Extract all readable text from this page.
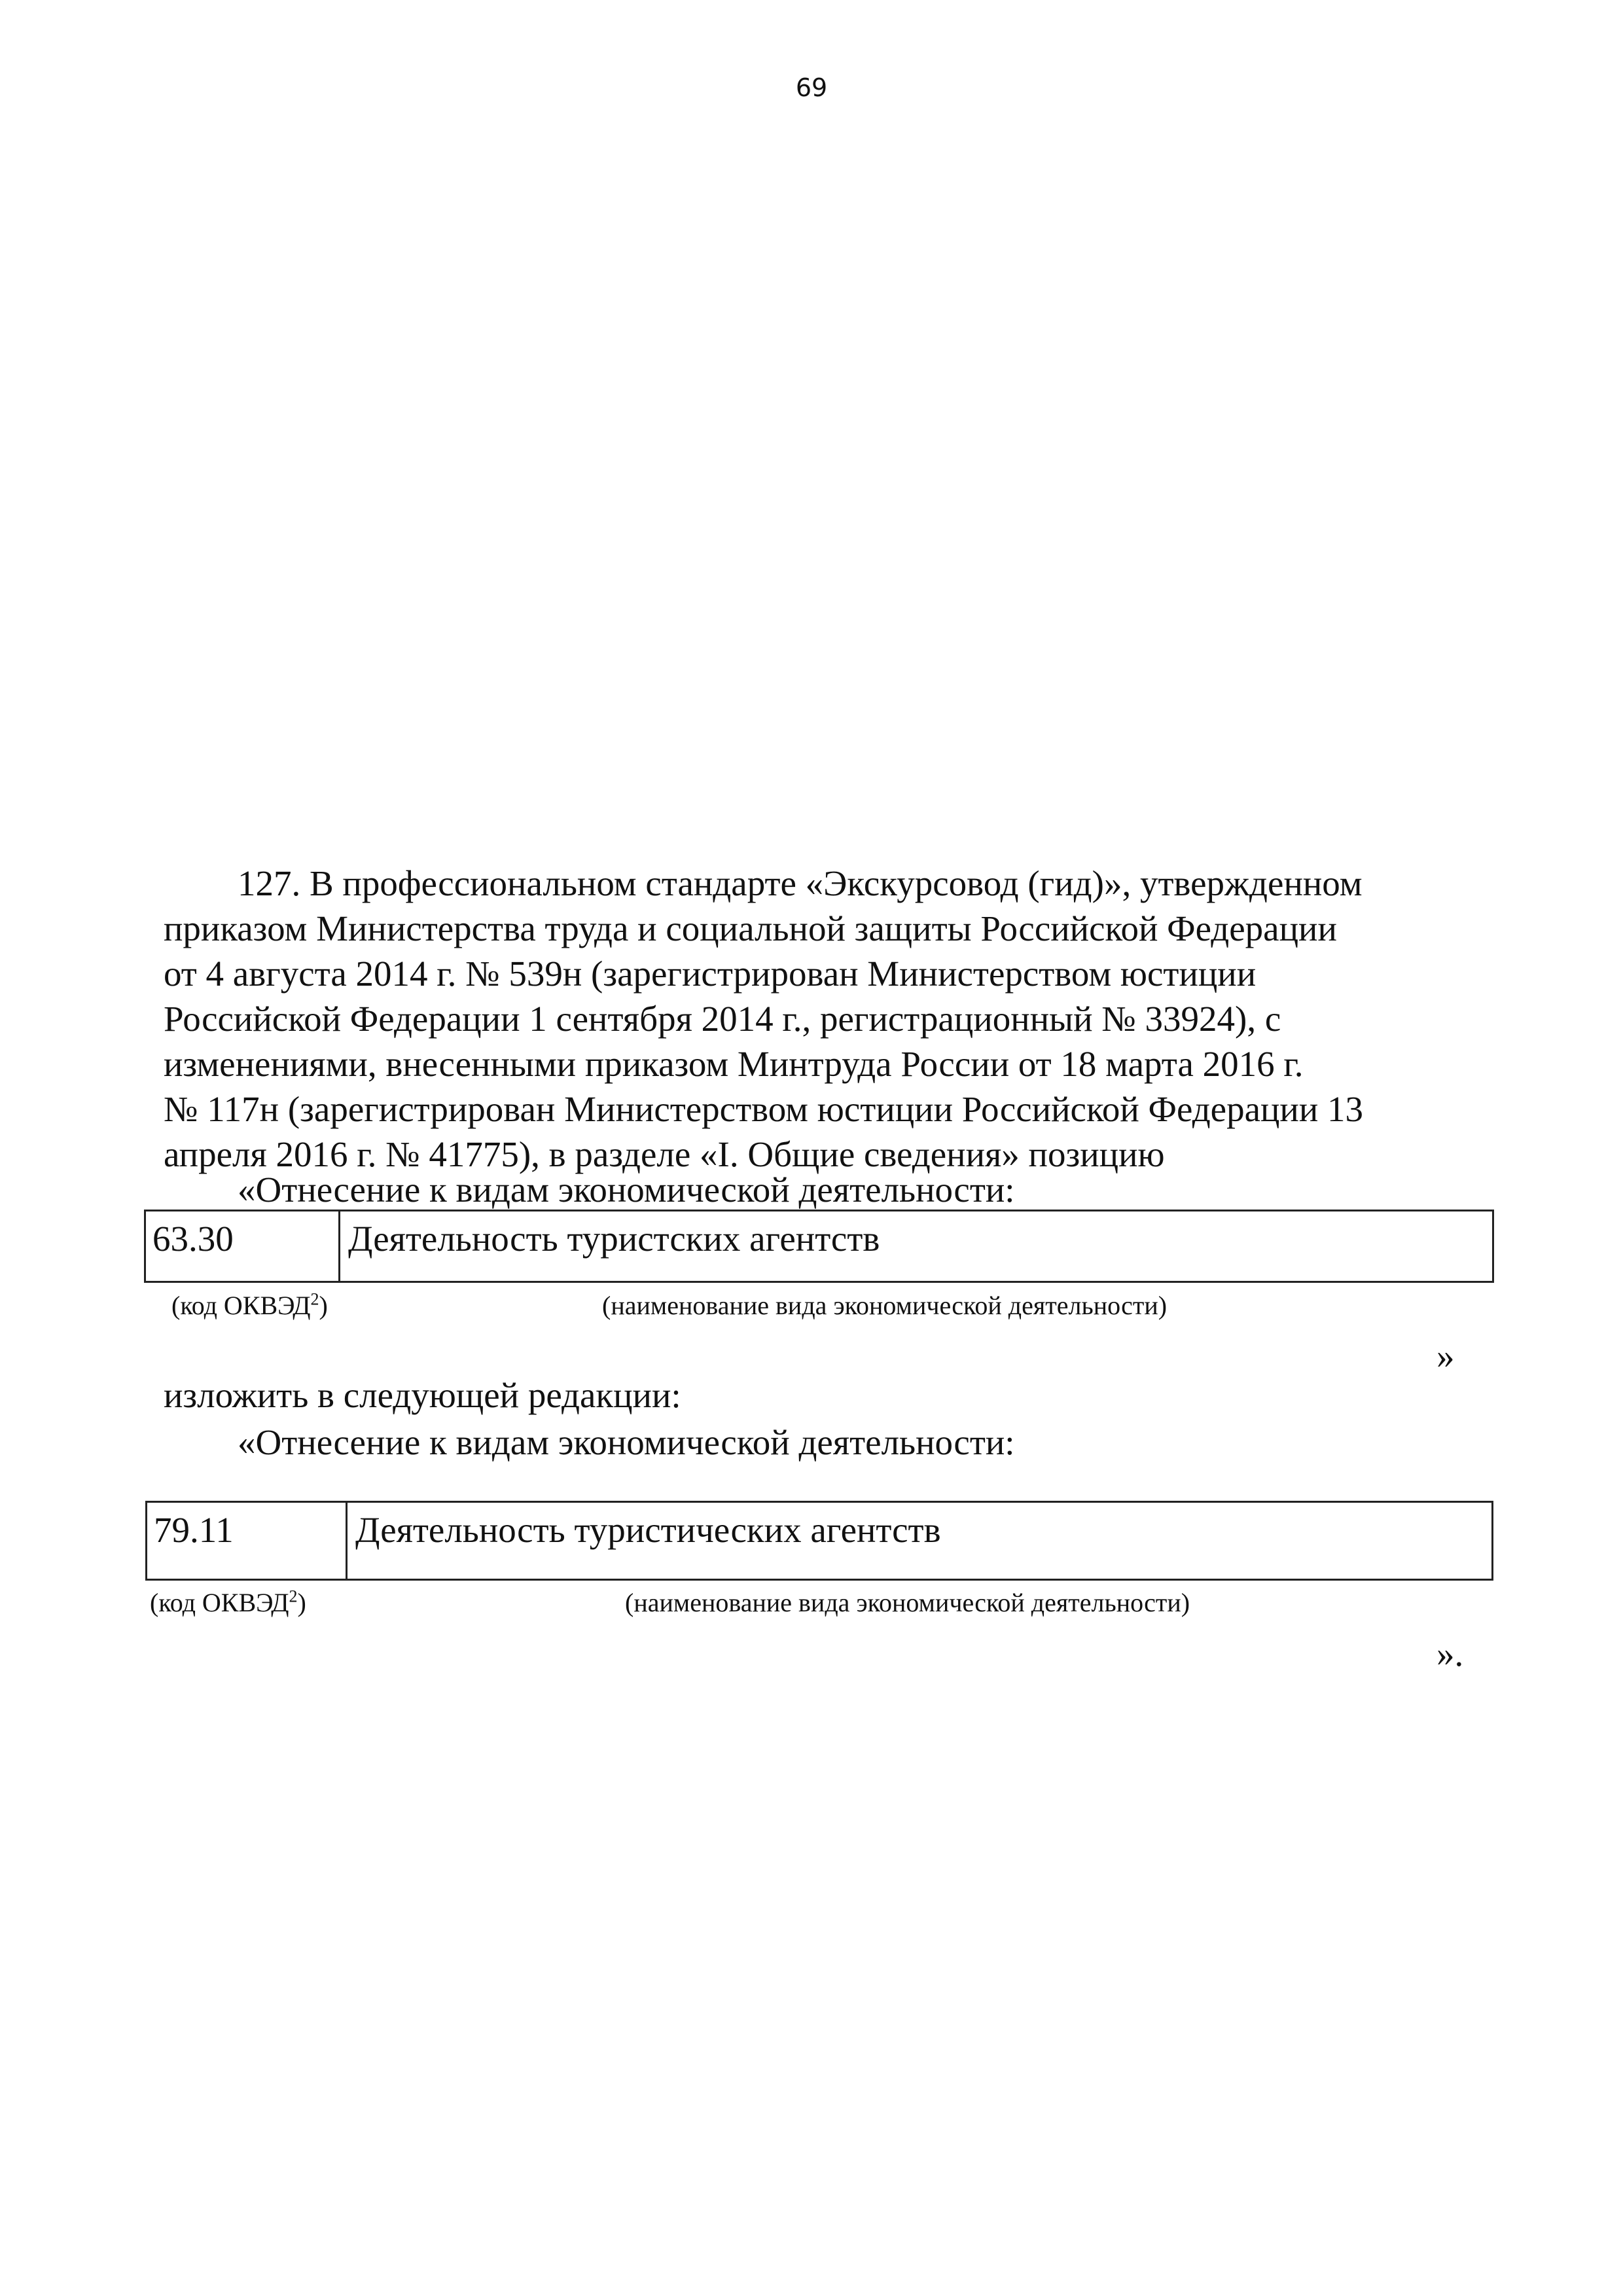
69
127. В профессиональном стандарте «Экскурсовод (гид)», утвержденном
приказом Министерства труда и социальной защиты Российской Федерации
от 4 августа 2014 г. № 539н (зарегистрирован Министерством юстиции
Российской Федерации 1 сентября 2014 г., регистрационный № 33924), с
изменениями, внесенными приказом Минтруда России от 18 марта 2016 г.
№ 117н (зарегистрирован Министерством юстиции Российской Федерации 13
апреля 2016 г. № 41775), в разделе «I. Общие сведения» позицию
«Отнесение к видам экономической деятельности:
63.30	Деятельность туристских агентств
(код ОКВЭД$^2$)	(наименование вида экономической деятельности)
»
изложить в следующей редакции:
«Отнесение к видам экономической деятельности:
79.11	Деятельность туристических агентств
(код ОКВЭД$^2$)	(наименование вида экономической деятельности)
».
